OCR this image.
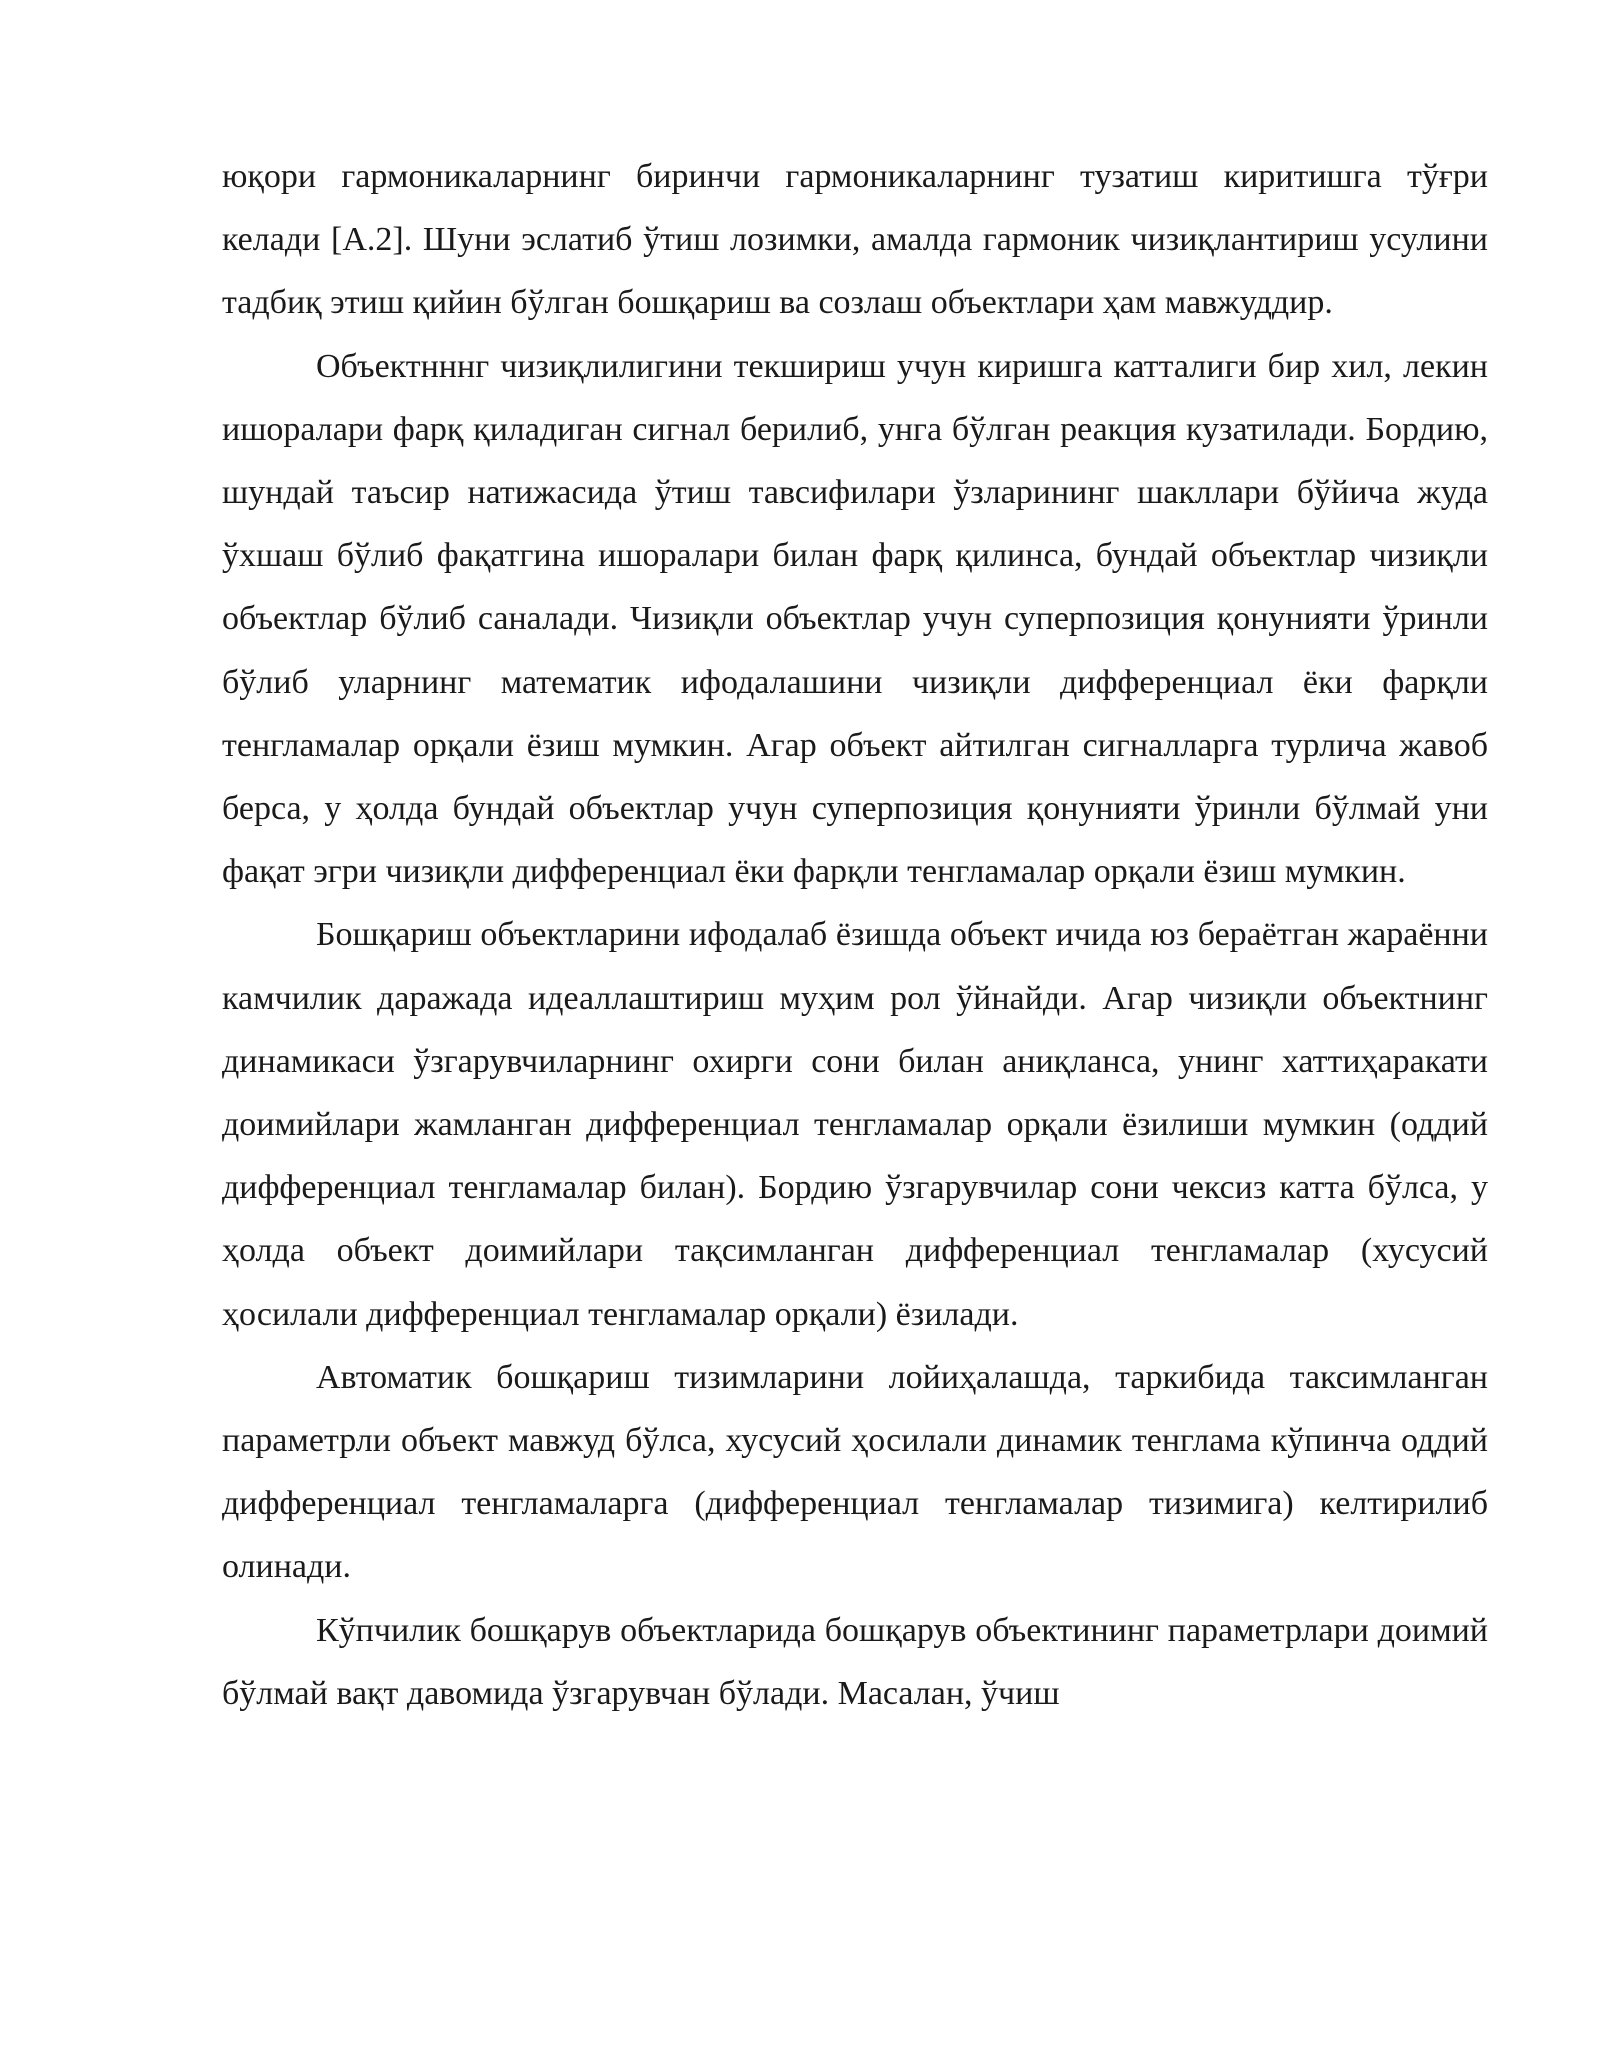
юқори гармоникаларнинг биринчи гармоникаларнинг тузатиш киритишга тўғри келади [А.2]. Шуни эслатиб ўтиш лозимки, амалда гармоник чизиқлантириш усулини тадбиқ этиш қийин бўлган бошқариш ва созлаш объектлари ҳам мавжуддир.

Объектнннг чизиқлилигини текшириш учун киришга катталиги бир хил, лекин ишоралари фарқ қиладиган сигнал берилиб, унга бўлган реакция кузатилади. Бордию, шундай таъсир натижасида ўтиш тавсифилари ўзларининг шакллари бўйича жуда ўхшаш бўлиб фақатгина ишоралари билан фарқ қилинса, бундай объектлар чизиқли объектлар бўлиб саналади. Чизиқли объектлар учун суперпозиция қонунияти ўринли бўлиб уларнинг математик ифодалашини чизиқли дифференциал ёки фарқли тенгламалар орқали ёзиш мумкин. Агар объект айтилган сигналларга турлича жавоб берса, у ҳолда бундай объектлар учун суперпозиция қонунияти ўринли бўлмай уни фақат эгри чизиқли дифференциал ёки фарқли тенгламалар орқали ёзиш мумкин.

Бошқариш объектларини ифодалаб ёзишда объект ичида юз бераётган жараённи камчилик даражада идеаллаштириш муҳим рол ўйнайди. Агар чизиқли объектнинг динамикаси ўзгарувчиларнинг охирги сони билан аниқланса, унинг хаттиҳаракати доимийлари жамланган дифференциал тенгламалар орқали ёзилиши мумкин (оддий дифференциал тенгламалар билан). Бордию ўзгарувчилар сони чексиз катта бўлса, у ҳолда объект доимийлари тақсимланган дифференциал тенгламалар (хусусий ҳосилали дифференциал тенгламалар орқали) ёзилади.

Автоматик бошқариш тизимларини лойиҳалашда, таркибида таксимланган параметрли объект мавжуд бўлса, хусусий ҳосилали динамик тенглама кўпинча оддий дифференциал тенгламаларга (дифференциал тенгламалар тизимига) келтирилиб олинади.

Кўпчилик бошқарув объектларида бошқарув объектининг параметрлари доимий бўлмай вақт давомида ўзгарувчан бўлади. Масалан, ўчиш
